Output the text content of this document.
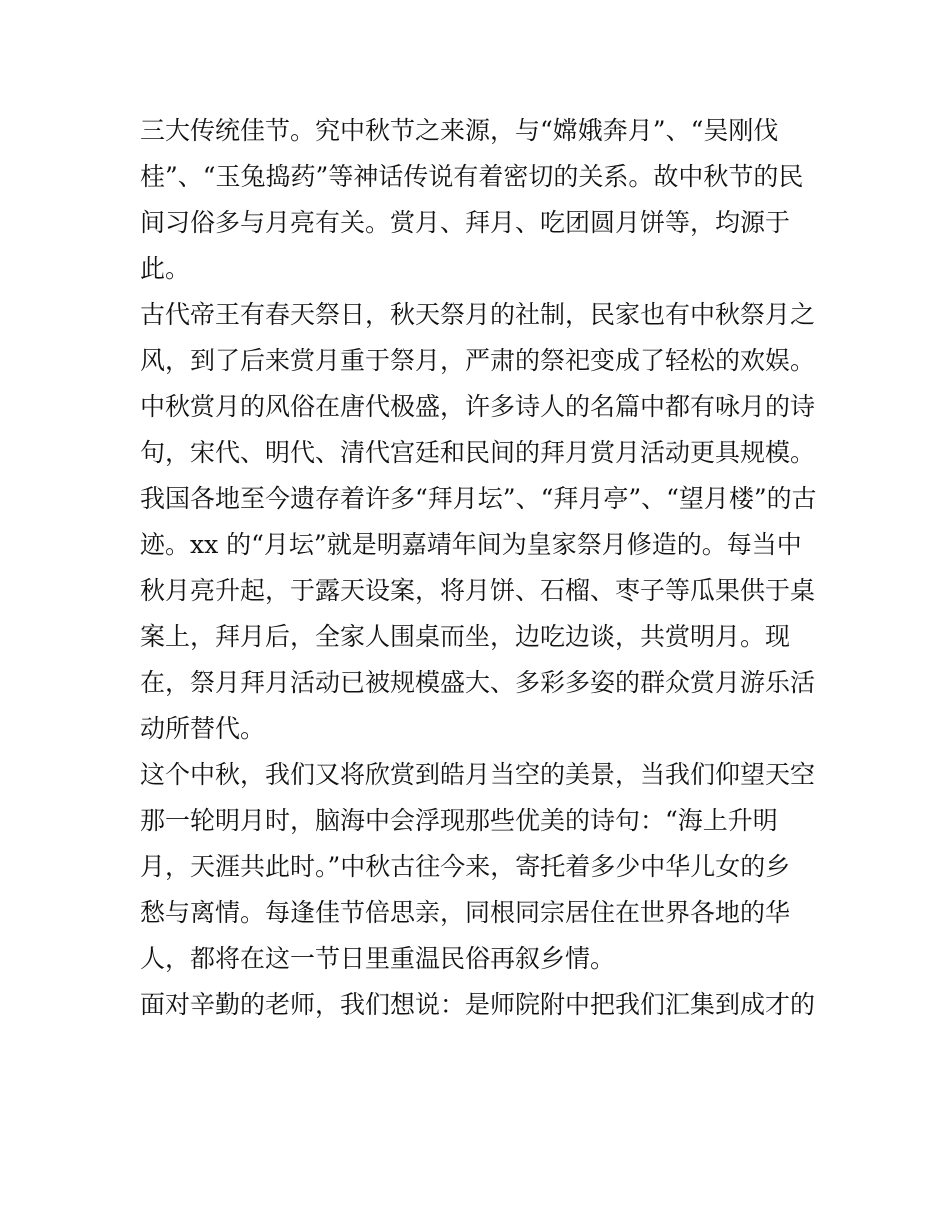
三大传统佳节。究中秋节之来源，与“嫦娥奔月”、“吴刚伐
桂”、“玉兔捣药”等神话传说有着密切的关系。故中秋节的民
间习俗多与月亮有关。赏月、拜月、吃团圆月饼等，均源于
此。
古代帝王有春天祭日，秋天祭月的社制，民家也有中秋祭月之
风，到了后来赏月重于祭月，严肃的祭祀变成了轻松的欢娱。
中秋赏月的风俗在唐代极盛，许多诗人的名篇中都有咏月的诗
句，宋代、明代、清代宫廷和民间的拜月赏月活动更具规模。
我国各地至今遗存着许多“拜月坛”、“拜月亭”、“望月楼”的古
迹。xx 的“月坛”就是明嘉靖年间为皇家祭月修造的。每当中
秋月亮升起，于露天设案，将月饼、石榴、枣子等瓜果供于桌
案上，拜月后，全家人围桌而坐，边吃边谈，共赏明月。现
在，祭月拜月活动已被规模盛大、多彩多姿的群众赏月游乐活
动所替代。
这个中秋，我们又将欣赏到皓月当空的美景，当我们仰望天空
那一轮明月时，脑海中会浮现那些优美的诗句：“海上升明
月，天涯共此时。”中秋古往今来，寄托着多少中华儿女的乡
愁与离情。每逢佳节倍思亲，同根同宗居住在世界各地的华
人，都将在这一节日里重温民俗再叙乡情。
面对辛勤的老师，我们想说：是师院附中把我们汇集到成才的
